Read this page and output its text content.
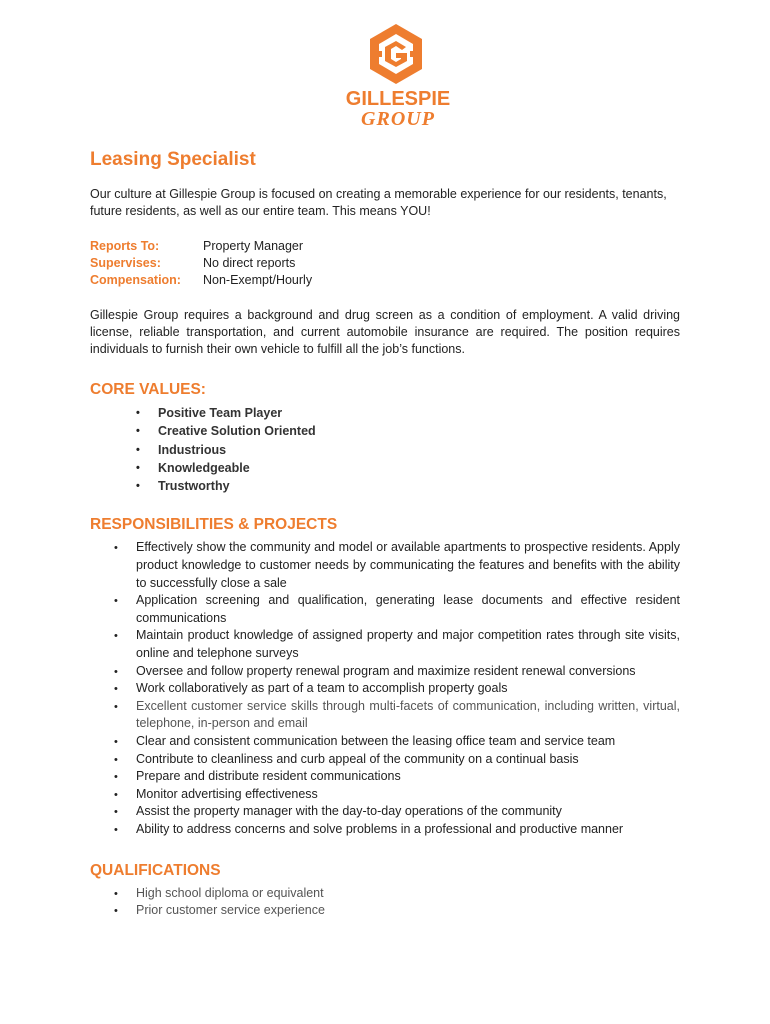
GILLESPIE
GROUP
Leasing Specialist

Our culture at Gillespie Group is focused on creating a memorable experience for our residents, tenants, future residents, as well as our entire team. This means YOU!

Reports To:	Property Manager
Supervises:	No direct reports
Compensation:	Non-Exempt/Hourly

Gillespie Group requires a background and drug screen as a condition of employment. A valid driving license, reliable transportation, and current automobile insurance are required. The position requires individuals to furnish their own vehicle to fulfill all the job’s functions.

CORE VALUES:
•	Positive Team Player
•	Creative Solution Oriented
•	Industrious
•	Knowledgeable
•	Trustworthy
RESPONSIBILITIES & PROJECTS
•	Effectively show the community and model or available apartments to prospective residents. Apply product knowledge to customer needs by communicating the features and benefits with the ability to successfully close a sale
•	Application screening and qualification, generating lease documents and effective resident communications
•	Maintain product knowledge of assigned property and major competition rates through site visits, online and telephone surveys
•	Oversee and follow property renewal program and maximize resident renewal conversions
•	Work collaboratively as part of a team to accomplish property goals
•	Excellent customer service skills through multi-facets of communication, including written, virtual, telephone, in-person and email
•	Clear and consistent communication between the leasing office team and service team
•	Contribute to cleanliness and curb appeal of the community on a continual basis
•	Prepare and distribute resident communications
•	Monitor advertising effectiveness
•	Assist the property manager with the day-to-day operations of the community
•	Ability to address concerns and solve problems in a professional and productive manner
QUALIFICATIONS
•	High school diploma or equivalent
•	Prior customer service experience
